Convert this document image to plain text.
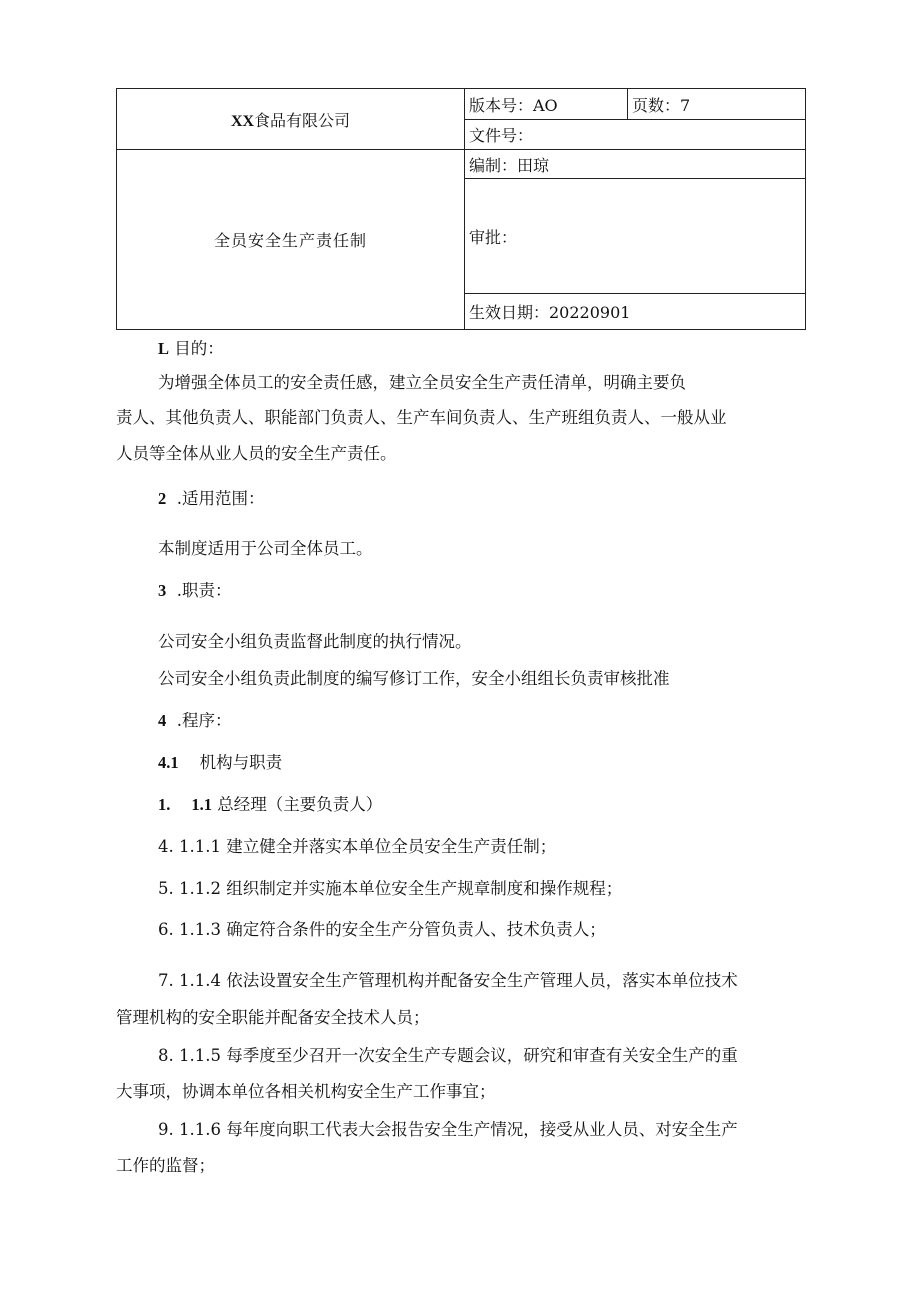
XX食品有限公司	版本号：AO	页数：7
	文件号：	
全员安全生产责任制	编制：田琼	
	审批：	
	生效日期：20220901	
L 目的：
为增强全体员工的安全责任感，建立全员安全生产责任清单，明确主要负
责人、其他负责人、职能部门负责人、生产车间负责人、生产班组负责人、一般从业
人员等全体从业人员的安全生产责任。
2 .适用范围：
本制度适用于公司全体员工。
3 .职责：
公司安全小组负责监督此制度的执行情况。
公司安全小组负责此制度的编写修订工作，安全小组组长负责审核批准
4 .程序：
4.1 机构与职责
1. 1.1 总经理（主要负责人）
4. 1.1.1 建立健全并落实本单位全员安全生产责任制；
5. 1.1.2 组织制定并实施本单位安全生产规章制度和操作规程；
6. 1.1.3 确定符合条件的安全生产分管负责人、技术负责人；
7. 1.1.4 依法设置安全生产管理机构并配备安全生产管理人员，落实本单位技术
管理机构的安全职能并配备安全技术人员；
8. 1.1.5 每季度至少召开一次安全生产专题会议，研究和审查有关安全生产的重
大事项，协调本单位各相关机构安全生产工作事宜；
9. 1.1.6 每年度向职工代表大会报告安全生产情况，接受从业人员、对安全生产
工作的监督；
